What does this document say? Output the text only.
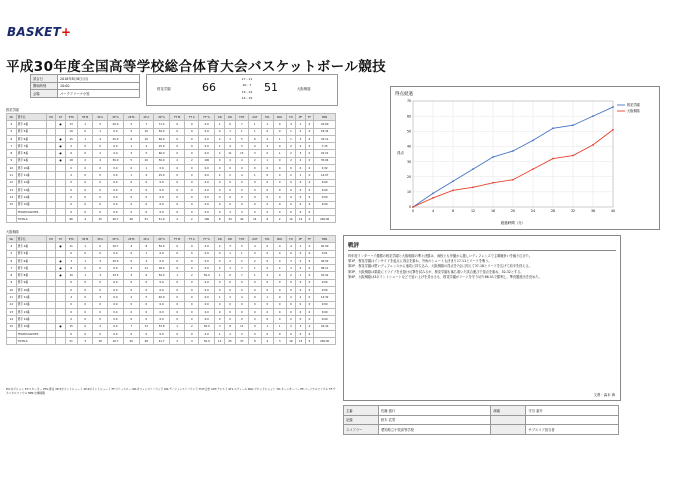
BASKET+
平成30年度全国高等学校総合体育大会バスケットボール競技
試合日	2018年8月6日(月)
開始時刻	10:00
会場	パークアリーナ小牧
桜花学園	66
17 - 11
20 - 7
15 - 14
14 - 19
51	大阪桐蔭
桜花学園
No	選手名	PO	ST	PTS	3P M	3P A	3P %	2P M	2P A	2P %	FT M	FT A	FT %	OR	DR	TOT	AST	STL	BLK	TO	PF	TF	MIN
4	選手 4番		●	13	1	5	20.0	5	7	71.4	0	0	0.0	1	6	7	1	1	0	4	1	0	32:00
5	選手 5番			10	0	1	0.0	5	10	50.0	0	0	0.0	0	1	1	1	0	0	1	2	0	18:34
6	選手 6番		●	15	1	4	25.0	6	10	60.0	0	0	0.0	2	3	5	6	2	1	1	3	0	34:11
7	選手 7番		●	2	0	0	0.0	1	4	25.0	0	0	0.0	1	4	5	0	2	0	2	2	0	7:15
8	選手 8番		●	6	0	2	0.0	3	5	60.0	0	0	0.0	2	11	13	3	0	1	2	3	0	32:21
9	選手 9番		●	18	2	4	50.0	5	10	50.0	2	2	100	0	4	4	2	1	0	2	2	0	35:04
10	選手 10番			0	0	0	0.0	0	1	0.0	0	0	0.0	0	0	0	0	0	0	0	0	0	2:32
11	選手 11番			2	0	0	0.0	1	4	25.0	0	0	0.0	2	2	4	1	0	0	2	1	0	14:07
12	選手 12番			0	0	0	0.0	0	0	0.0	0	0	0.0	0	0	0	0	0	0	0	0	0	0:00
13	選手 13番			0	0	0	0.0	0	0	0.0	0	0	0.0	0	0	0	0	0	0	0	0	0	0:00
14	選手 14番			0	0	0	0.0	0	0	0.0	0	0	0.0	0	0	0	0	0	0	0	0	0	0:00
15	選手 15番			0	0	0	0.0	0	0	0.0	0	0	0.0	0	0	0	0	0	0	0	0	0	0:00
	TEAM/COACHES			0	0	0	0.0	0	0	0.0	0	0	0.0	0	3	3	0	0	0	0	0	0	
	TOTALS			66	4	15	26.7	26	51	51.0	2	2	100	8	34	42	14	6	2	14	14	0	200:00
大阪桐蔭
No	選手名	PO	ST	PTS	3P M	3P A	3P %	2P M	2P A	2P %	FT M	FT A	FT %	OR	DR	TOT	AST	STL	BLK	TO	PF	TF	MIN
4	選手 4番		●	11	1	6	16.7	4	8	50.0	0	0	0.0	2	3	5	4	0	0	4	1	0	40:00
5	選手 5番			0	0	0	0.0	0	1	0.0	0	0	0.0	0	1	1	0	0	0	0	0	0	3:01
6	選手 6番		●	3	1	4	25.0	0	4	0.0	0	0	0.0	0	2	2	2	0	0	3	2	0	36:52
7	選手 7番		●	8	0	0	0.0	4	11	36.4	0	0	0.0	4	3	7	1	0	2	3	4	0	38:11
8	選手 8番		●	10	1	3	33.3	3	6	50.0	1	2	50.0	1	6	7	1	2	0	2	1	0	32:41
9	選手 9番			0	0	0	0.0	0	0	0.0	0	0	0.0	0	0	0	0	0	0	0	0	0	0:00
10	選手 10番			0	0	0	0.0	0	0	0.0	0	0	0.0	0	0	0	0	0	0	0	0	0	0:00
11	選手 11番			4	0	3	0.0	2	5	40.0	0	0	0.0	1	3	4	0	1	0	2	2	0	14:32
12	選手 12番			0	0	0	0.0	0	0	0.0	0	0	0.0	0	0	0	0	0	0	0	0	0	0:00
13	選手 13番			0	0	0	0.0	0	0	0.0	0	0	0.0	0	0	0	0	0	0	0	0	0	0:00
14	選手 14番			0	0	0	0.0	0	0	0.0	0	0	0.0	0	0	0	0	0	0	0	0	0	0:00
15	選手 15番		●	15	0	2	0.0	7	13	53.8	1	2	50.0	3	8	11	0	1	1	2	3	0	34:43
	TEAM/COACHES			0	0	0	0.0	0	0	0.0	0	0	0.0	1	2	3	0	0	0	0	0	0	
	TOTALS			51	3	18	16.7	20	48	41.7	2	4	50.0	12	25	37	8	4	3	16	13	0	200:00
PO:ポジション ST:スターター PTS:得点 3P:3ポイントシュート 2P:2ポイントシュート FT:フリースロー OR:オフェンスリバウンド DR:ディフェンスリバウンド TOT:合計 AST:アシスト STL:スティール BLK:ブロックショット TO:ターンオーバー PF:パーソナルファウル TF:テクニカルファウル MIN:出場時間
得点経過
0
10
20
30
40
50
60
70
0	4	8	12	16	20	24	28	32	36	40
経過時間（分）
得点
桜花学園
大阪桐蔭
戦評
昨年度インターハイ優勝の桜花学園と大阪桐蔭の準々決勝は、両校とも序盤から激しいディフェンスで主導権争いを繰り広げた。
第1P、桜花学園はインサイドを起点に得点を重ね、外角のシュートも決まり17-11とリードを奪う。
第2P、桜花学園は堅いディフェンスから速攻に持ち込み、大阪桐蔭の得点を7点に抑えて37-18とリードを広げて前半を終える。
第3P、大阪桐蔭は果敢にドライブを仕掛け反撃を試みるが、桜花学園も落ち着いた試合運びで得点を重ね、52-32とする。
第4P、大阪桐蔭は3ポイントシュートなどで追い上げを見せるも、桜花学園がリードを守り切り66-51で勝利し、準決勝進出を決めた。
文責：森本 海
主審	佐藤 盛行	副審	守谷 嘉介
記録	鈴木 武男		
スコアラー	愛知県立小牧高等学校		サブスコア担当者
